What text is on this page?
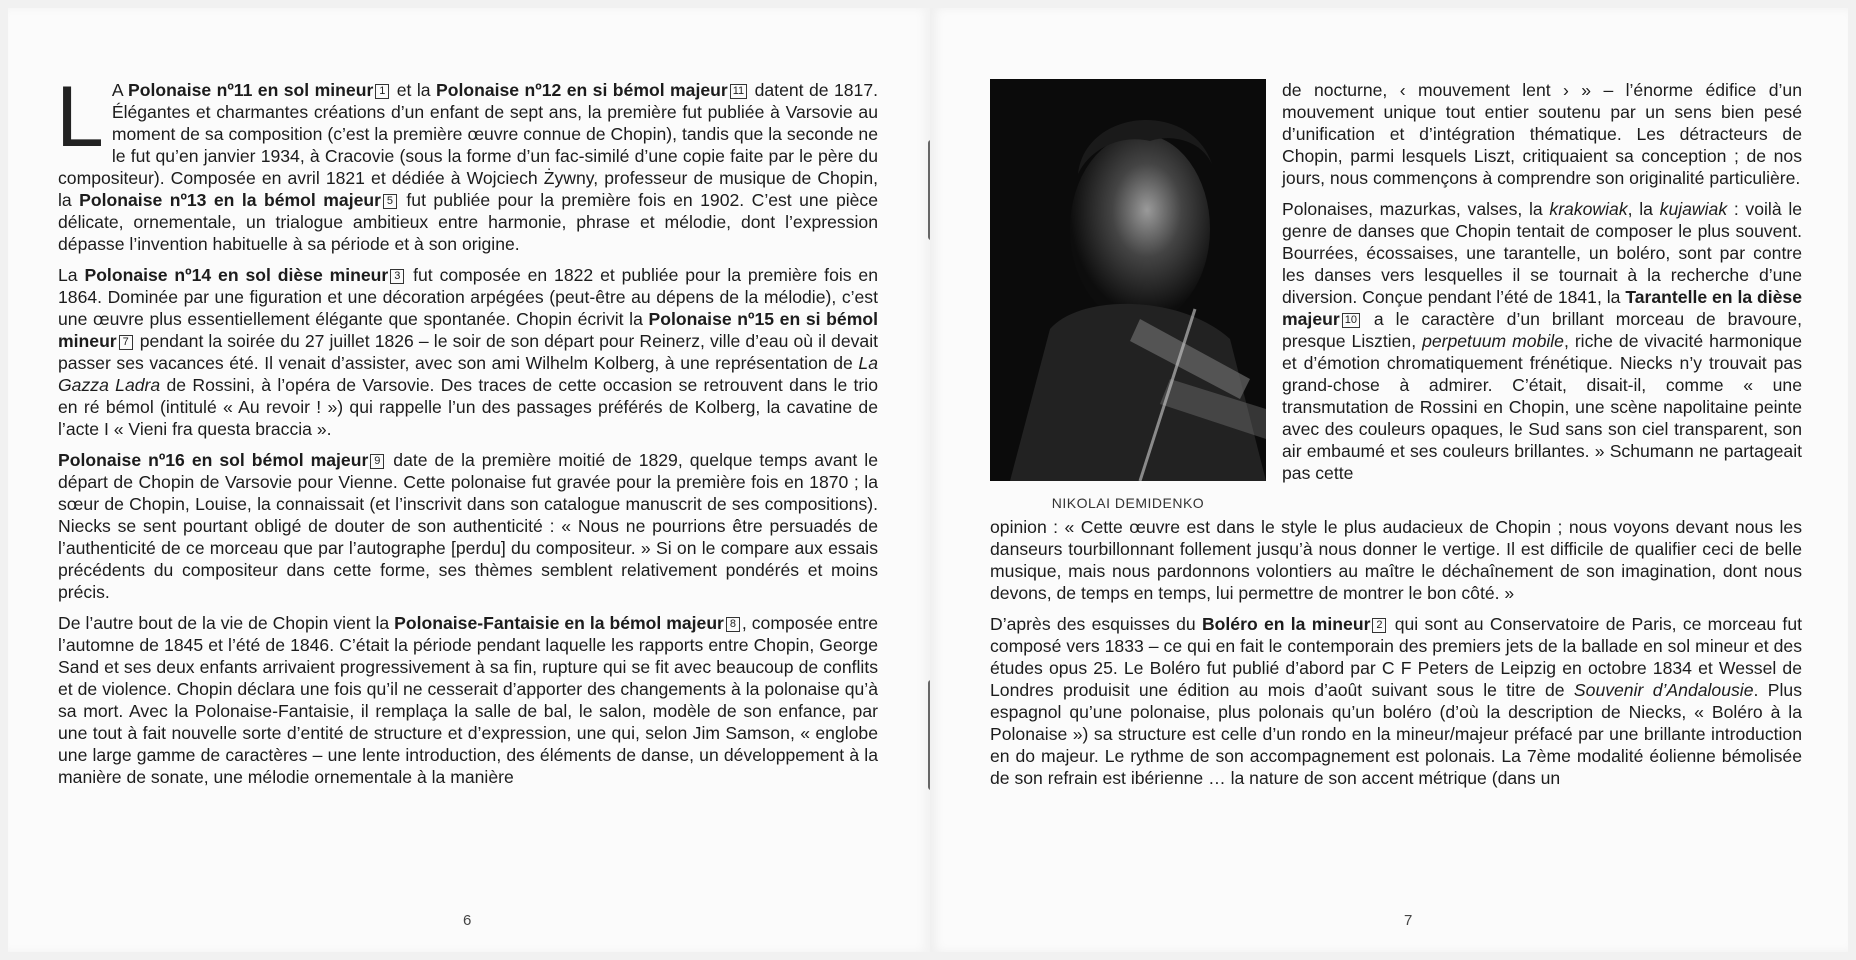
L A Polonaise nº11 en sol mineur 1 et la Polonaise nº12 en si bémol majeur 11 datent de 1817. Élégantes et charmantes créations d’un enfant de sept ans, la première fut publiée à Varsovie au moment de sa composition (c’est la première œuvre connue de Chopin), tandis que la seconde ne le fut qu’en janvier 1934, à Cracovie (sous la forme d’un fac-similé d’une copie faite par le père du compositeur). Composée en avril 1821 et dédiée à Wojciech Żywny, professeur de musique de Chopin, la Polonaise nº13 en la bémol majeur 5 fut publiée pour la première fois en 1902. C’est une pièce délicate, ornementale, un trialogue ambitieux entre harmonie, phrase et mélodie, dont l’expression dépasse l’invention habituelle à sa période et à son origine.

La Polonaise nº14 en sol dièse mineur 3 fut composée en 1822 et publiée pour la première fois en 1864. Dominée par une figuration et une décoration arpégées (peut-être au dépens de la mélodie), c’est une œuvre plus essentiellement élégante que spontanée. Chopin écrivit la Polonaise nº15 en si bémol mineur 7 pendant la soirée du 27 juillet 1826 – le soir de son départ pour Reinerz, ville d’eau où il devait passer ses vacances été. Il venait d’assister, avec son ami Wilhelm Kolberg, à une représentation de La Gazza Ladra de Rossini, à l’opéra de Varsovie. Des traces de cette occasion se retrouvent dans le trio en ré bémol (intitulé « Au revoir ! ») qui rappelle l’un des passages préférés de Kolberg, la cavatine de l’acte I « Vieni fra questa braccia ».

Polonaise nº16 en sol bémol majeur 9 date de la première moitié de 1829, quelque temps avant le départ de Chopin de Varsovie pour Vienne. Cette polonaise fut gravée pour la première fois en 1870 ; la sœur de Chopin, Louise, la connaissait (et l’inscrivit dans son catalogue manuscrit de ses compositions). Niecks se sent pourtant obligé de douter de son authenticité : « Nous ne pourrions être persuadés de l’authenticité de ce morceau que par l’autographe [perdu] du compositeur. » Si on le compare aux essais précédents du compositeur dans cette forme, ses thèmes semblent relativement pondérés et moins précis.

De l’autre bout de la vie de Chopin vient la Polonaise-Fantaisie en la bémol majeur 8 , composée entre l’automne de 1845 et l’été de 1846. C’était la période pendant laquelle les rapports entre Chopin, George Sand et ses deux enfants arrivaient progressivement à sa fin, rupture qui se fit avec beaucoup de conflits et de violence. Chopin déclara une fois qu’il ne cesserait d’apporter des changements à la polonaise qu’à sa mort. Avec la Polonaise-Fantaisie, il remplaça la salle de bal, le salon, modèle de son enfance, par une tout à fait nouvelle sorte d’entité de structure et d’expression, une qui, selon Jim Samson, « englobe une large gamme de caractères – une lente introduction, des éléments de danse, un développement à la manière de sonate, une mélodie ornementale à la manière

6
NIKOLAI DEMIDENKO

de nocturne, ‹ mouvement lent › » – l’énorme édifice d’un mouvement unique tout entier soutenu par un sens bien pesé d’unification et d’intégration thématique. Les détracteurs de Chopin, parmi lesquels Liszt, critiquaient sa conception ; de nos jours, nous commençons à comprendre son originalité particulière.

Polonaises, mazurkas, valses, la krakowiak, la kujawiak : voilà le genre de danses que Chopin tentait de composer le plus souvent. Bourrées, écossaises, une tarantelle, un boléro, sont par contre les danses vers lesquelles il se tournait à la recherche d’une diversion. Conçue pendant l’été de 1841, la Tarantelle en la dièse majeur 10 a le caractère d’un brillant morceau de bravoure, presque Lisztien, perpetuum mobile, riche de vivacité harmonique et d’émotion chromatiquement frénétique. Niecks n’y trouvait pas grand-chose à admirer. C’était, disait-il, comme « une transmutation de Rossini en Chopin, une scène napolitaine peinte avec des couleurs opaques, le Sud sans son ciel transparent, son air embaumé et ses couleurs brillantes. » Schumann ne partageait pas cette

opinion : « Cette œuvre est dans le style le plus audacieux de Chopin ; nous voyons devant nous les danseurs tourbillonnant follement jusqu’à nous donner le vertige. Il est difficile de qualifier ceci de belle musique, mais nous pardonnons volontiers au maître le déchaînement de son imagination, dont nous devons, de temps en temps, lui permettre de montrer le bon côté. »

D’après des esquisses du Boléro en la mineur 2 qui sont au Conservatoire de Paris, ce morceau fut composé vers 1833 – ce qui en fait le contemporain des premiers jets de la ballade en sol mineur et des études opus 25. Le Boléro fut publié d’abord par C F Peters de Leipzig en octobre 1834 et Wessel de Londres produisit une édition au mois d’août suivant sous le titre de Souvenir d’Andalousie. Plus espagnol qu’une polonaise, plus polonais qu’un boléro (d’où la description de Niecks, « Boléro à la Polonaise ») sa structure est celle d’un rondo en la mineur/majeur préfacé par une brillante introduction en do majeur. Le rythme de son accompagnement est polonais. La 7ème modalité éolienne bémolisée de son refrain est ibérienne … la nature de son accent métrique (dans un

7
